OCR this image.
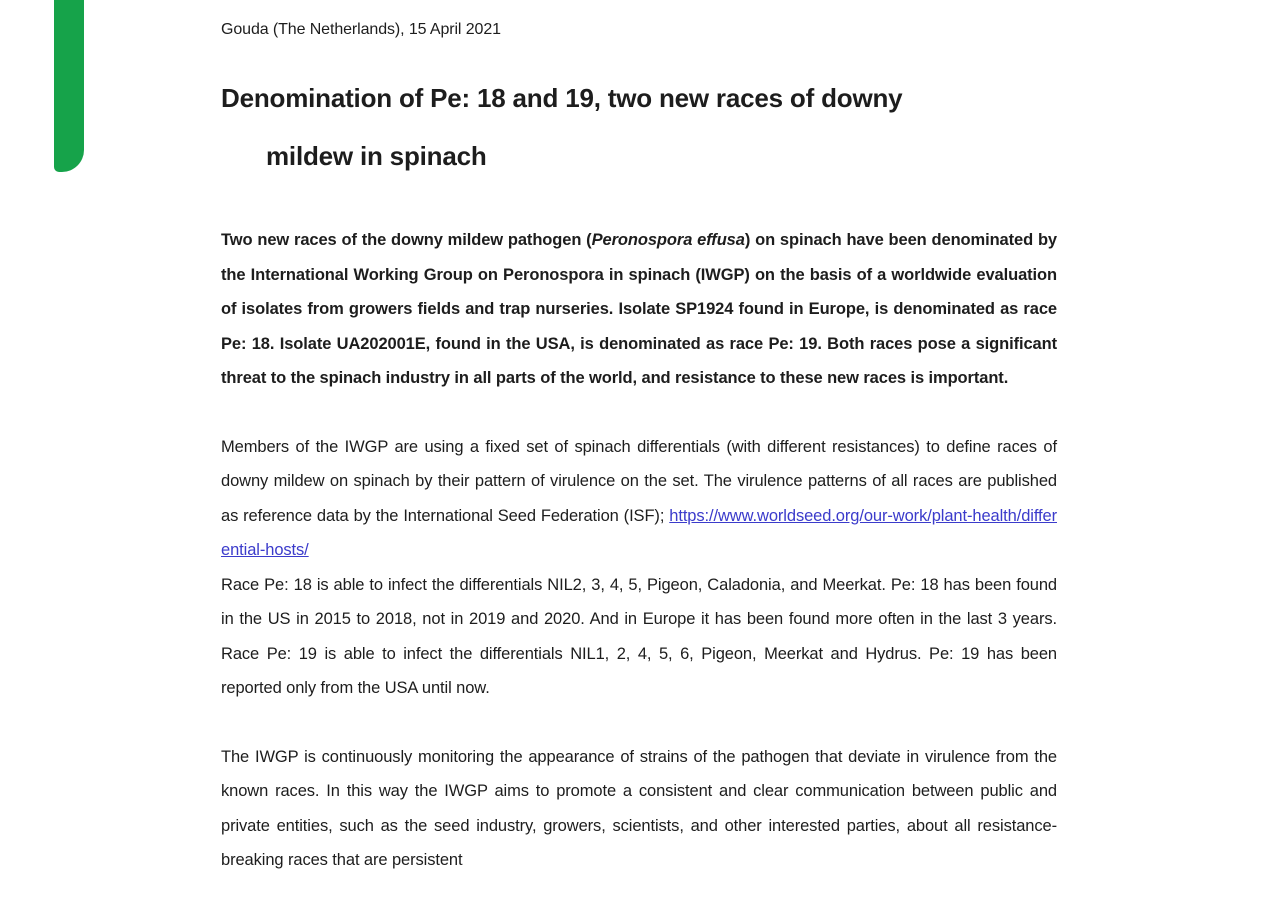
Gouda (The Netherlands), 15 April 2021

Denomination of Pe: 18 and 19, two new races of downy
mildew in spinach

Two new races of the downy mildew pathogen (Peronospora effusa) on spinach have been denominated by the International Working Group on Peronospora in spinach (IWGP) on the basis of a worldwide evaluation of isolates from growers fields and trap nurseries. Isolate SP1924 found in Europe, is denominated as race Pe: 18. Isolate UA202001E, found in the USA, is denominated as race Pe: 19. Both races pose a significant threat to the spinach industry in all parts of the world, and resistance to these new races is important.

Members of the IWGP are using a fixed set of spinach differentials (with different resistances) to define races of downy mildew on spinach by their pattern of virulence on the set. The virulence patterns of all races are published as reference data by the International Seed Federation (ISF); https://www.worldseed.org/our-work/plant-health/differential-hosts/
Race Pe: 18 is able to infect the differentials NIL2, 3, 4, 5, Pigeon, Caladonia, and Meerkat. Pe: 18 has been found in the US in 2015 to 2018, not in 2019 and 2020. And in Europe it has been found more often in the last 3 years. Race Pe: 19 is able to infect the differentials NIL1, 2, 4, 5, 6, Pigeon, Meerkat and Hydrus. Pe: 19 has been reported only from the USA until now.

The IWGP is continuously monitoring the appearance of strains of the pathogen that deviate in virulence from the known races. In this way the IWGP aims to promote a consistent and clear communication between public and private entities, such as the seed industry, growers, scientists, and other interested parties, about all resistance-breaking races that are persistent
